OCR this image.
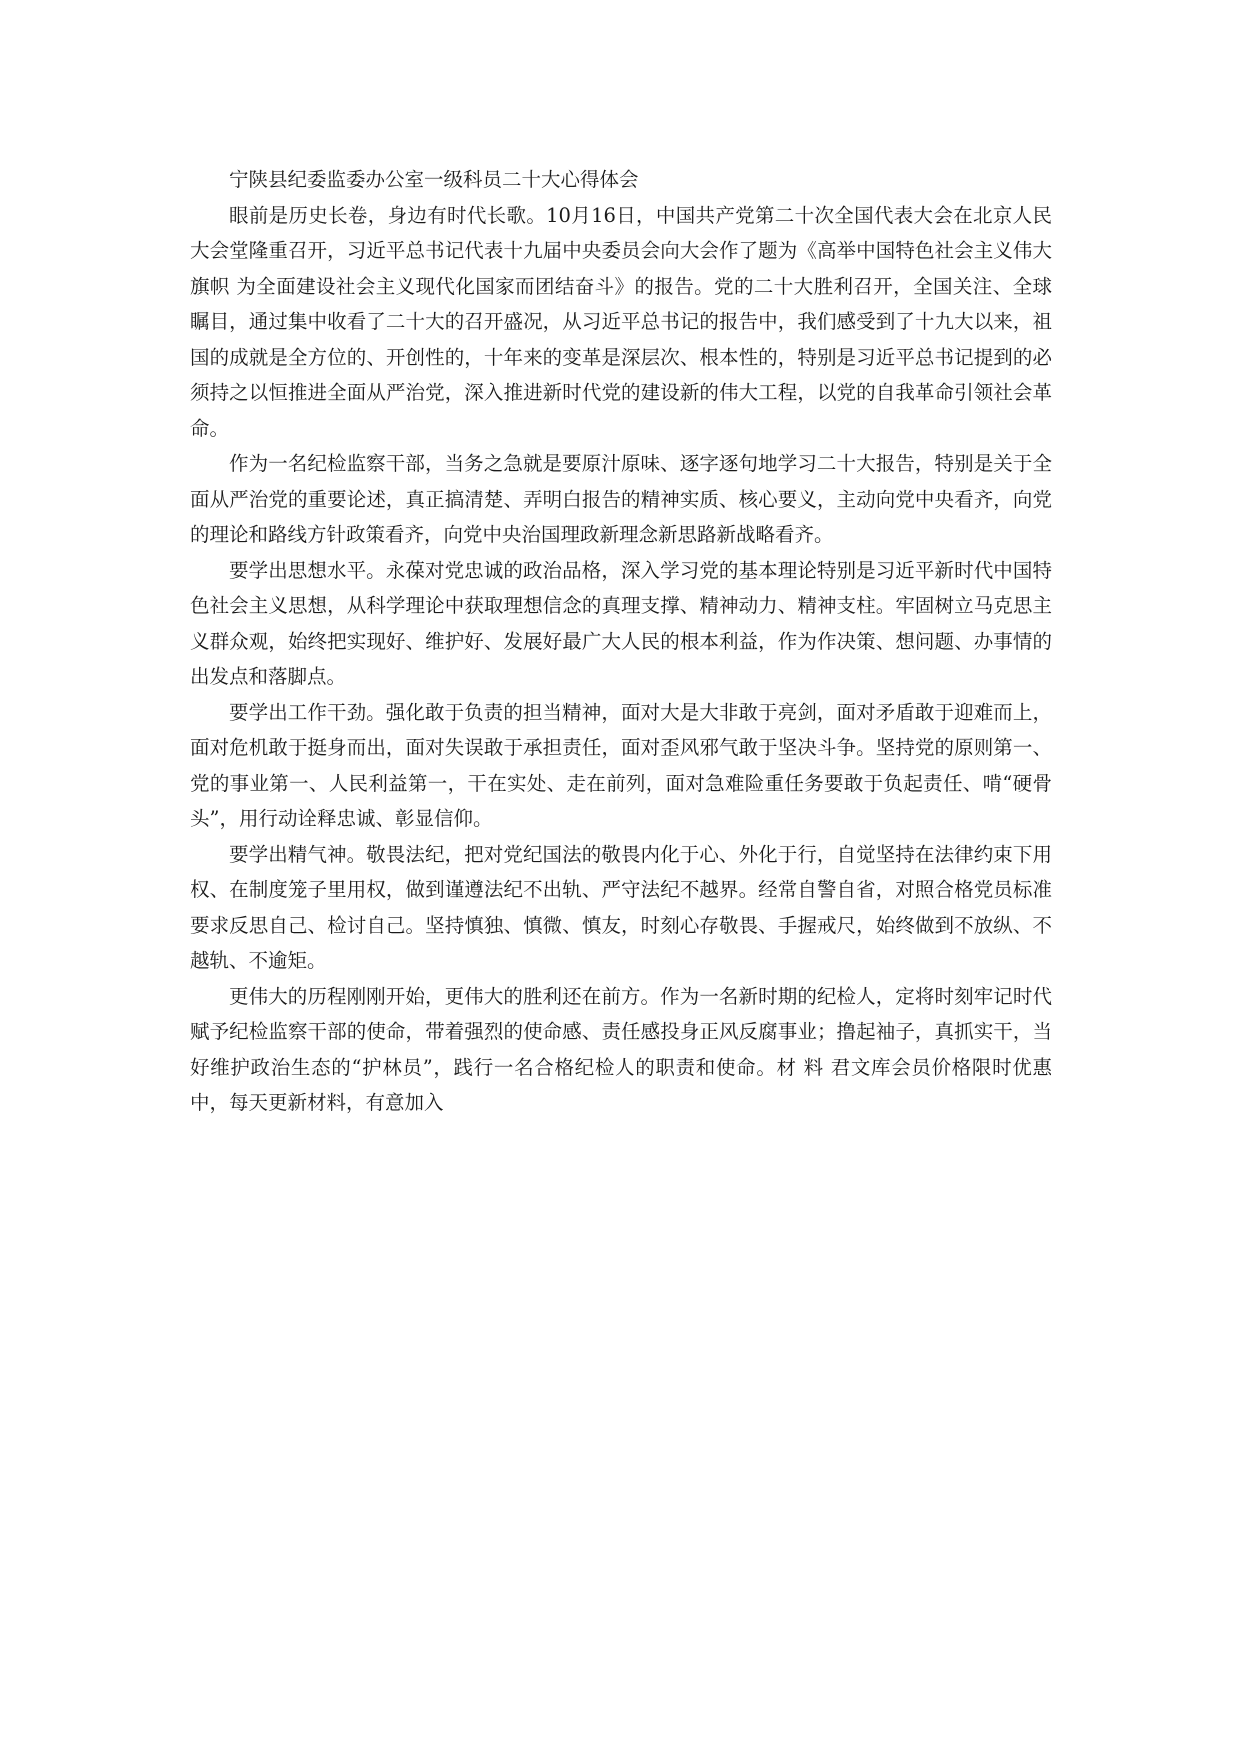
宁陕县纪委监委办公室一级科员二十大心得体会

眼前是历史长卷，身边有时代长歌。10月16日，中国共产党第二十次全国代表大会在北京人民大会堂隆重召开，习近平总书记代表十九届中央委员会向大会作了题为《高举中国特色社会主义伟大旗帜 为全面建设社会主义现代化国家而团结奋斗》的报告。党的二十大胜利召开，全国关注、全球瞩目，通过集中收看了二十大的召开盛况，从习近平总书记的报告中，我们感受到了十九大以来，祖国的成就是全方位的、开创性的，十年来的变革是深层次、根本性的，特别是习近平总书记提到的必须持之以恒推进全面从严治党，深入推进新时代党的建设新的伟大工程，以党的自我革命引领社会革命。

作为一名纪检监察干部，当务之急就是要原汁原味、逐字逐句地学习二十大报告，特别是关于全面从严治党的重要论述，真正搞清楚、弄明白报告的精神实质、核心要义，主动向党中央看齐，向党的理论和路线方针政策看齐，向党中央治国理政新理念新思路新战略看齐。

要学出思想水平。永葆对党忠诚的政治品格，深入学习党的基本理论特别是习近平新时代中国特色社会主义思想，从科学理论中获取理想信念的真理支撑、精神动力、精神支柱。牢固树立马克思主义群众观，始终把实现好、维护好、发展好最广大人民的根本利益，作为作决策、想问题、办事情的出发点和落脚点。

要学出工作干劲。强化敢于负责的担当精神，面对大是大非敢于亮剑，面对矛盾敢于迎难而上，面对危机敢于挺身而出，面对失误敢于承担责任，面对歪风邪气敢于坚决斗争。坚持党的原则第一、党的事业第一、人民利益第一，干在实处、走在前列，面对急难险重任务要敢于负起责任、啃“硬骨头”，用行动诠释忠诚、彰显信仰。

要学出精气神。敬畏法纪，把对党纪国法的敬畏内化于心、外化于行，自觉坚持在法律约束下用权、在制度笼子里用权，做到谨遵法纪不出轨、严守法纪不越界。经常自警自省，对照合格党员标准要求反思自己、检讨自己。坚持慎独、慎微、慎友，时刻心存敬畏、手握戒尺，始终做到不放纵、不越轨、不逾矩。

更伟大的历程刚刚开始，更伟大的胜利还在前方。作为一名新时期的纪检人，定将时刻牢记时代赋予纪检监察干部的使命，带着强烈的使命感、责任感投身正风反腐事业；撸起袖子，真抓实干，当好维护政治生态的“护林员”，践行一名合格纪检人的职责和使命。材 料 君文库会员价格限时优惠中，每天更新材料，有意加入
